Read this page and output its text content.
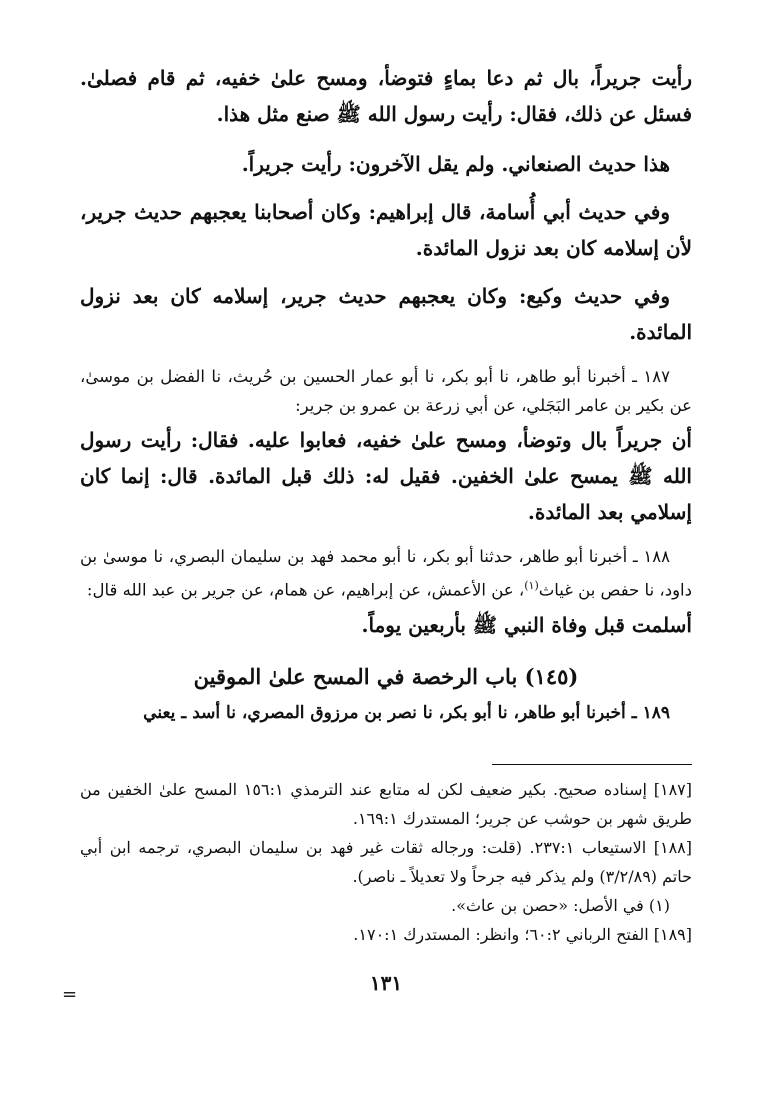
رأيت جريراً، بال ثم دعا بماءٍ فتوضأ، ومسح علىٰ خفيه، ثم قام فصلىٰ. فسئل عن ذلك، فقال: رأيت رسول الله ﷺ صنع مثل هذا.

هذا حديث الصنعاني. ولم يقل الآخرون: رأيت جريراً.

وفي حديث أبي أُسامة، قال إبراهيم: وكان أصحابنا يعجبهم حديث جرير، لأن إسلامه كان بعد نزول المائدة.

وفي حديث وكيع: وكان يعجبهم حديث جرير، إسلامه كان بعد نزول المائدة.

١٨٧ ـ أخبرنا أبو طاهر، نا أبو بكر، نا أبو عمار الحسين بن حُريث، نا الفضل بن موسىٰ، عن بكير بن عامر البَجَلي، عن أبي زرعة بن عمرو بن جرير:

أن جريراً بال وتوضأ، ومسح علىٰ خفيه، فعابوا عليه. فقال: رأيت رسول الله ﷺ يمسح علىٰ الخفين. فقيل له: ذلك قبل المائدة. قال: إنما كان إسلامي بعد المائدة.

١٨٨ ـ أخبرنا أبو طاهر، حدثنا أبو بكر، نا أبو محمد فهد بن سليمان البصري، نا موسىٰ بن داود، نا حفص بن غياث$^{(١)}$، عن الأعمش، عن إبراهيم، عن همام، عن جرير بن عبد الله قال:

أسلمت قبل وفاة النبي ﷺ بأربعين يوماً.

(١٤٥) باب الرخصة في المسح علىٰ الموقين

١٨٩ ـ أخبرنا أبو طاهر، نا أبو بكر، نا نصر بن مرزوق المصري، نا أسد ـ يعني

[١٨٧] إسناده صحيح. بكير ضعيف لكن له متابع عند الترمذي ١٥٦:١ المسح علىٰ الخفين من طريق شهر بن حوشب عن جرير؛ المستدرك ١٦٩:١.

[١٨٨] الاستيعاب ٢٣٧:١. (قلت: ورجاله ثقات غير فهد بن سليمان البصري، ترجمه ابن أبي حاتم (٣/٢/٨٩) ولم يذكر فيه جرحاً ولا تعديلاً ـ ناصر).

(١) في الأصل: «حصن بن عاث».

[١٨٩] الفتح الرباني ٦٠:٢؛ وانظر: المستدرك ١٧٠:١.

١٣١
=
